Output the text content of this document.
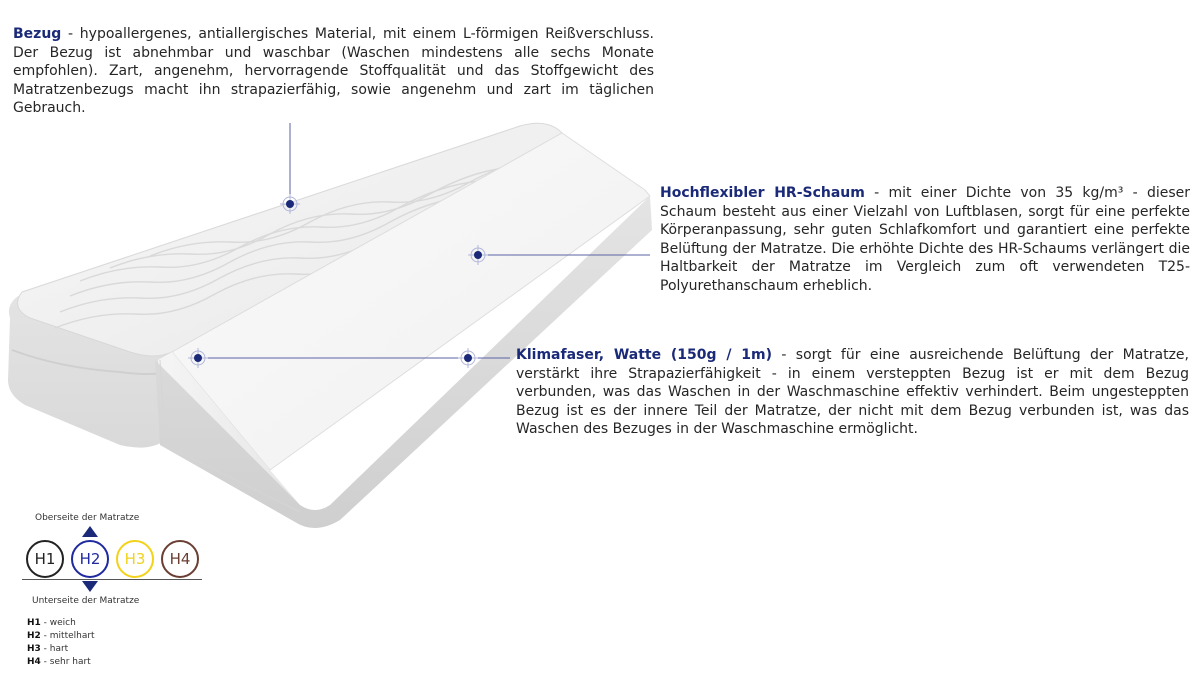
Bezug - hypoallergenes, antiallergisches Material, mit einem L-förmigen Reißverschluss. Der Bezug ist abnehmbar und waschbar (Waschen mindestens alle sechs Monate empfohlen). Zart, angenehm, hervorragende Stoffqualität und das Stoffgewicht des Matratzenbezugs macht ihn strapazierfähig, sowie angenehm und zart im täglichen Gebrauch.
Hochflexibler HR-Schaum - mit einer Dichte von 35 kg/m³ - dieser Schaum besteht aus einer Vielzahl von Luftblasen, sorgt für eine perfekte Körperanpassung, sehr guten Schlafkomfort und garantiert eine perfekte Belüftung der Matratze. Die erhöhte Dichte des HR-Schaums verlängert die Haltbarkeit der Matratze im Vergleich zum oft verwendeten T25-Polyurethanschaum erheblich.
Klimafaser, Watte (150g / 1m) - sorgt für eine ausreichende Belüftung der Matratze, verstärkt ihre Strapazierfähigkeit - in einem versteppten Bezug ist er mit dem Bezug verbunden, was das Waschen in der Waschmaschine effektiv verhindert. Beim ungesteppten Bezug ist es der innere Teil der Matratze, der nicht mit dem Bezug verbunden ist, was das Waschen des Bezuges in der Waschmaschine ermöglicht.
Oberseite der Matratze
H1 H2 H3 H4
Unterseite der Matratze
H1 - weich
H2 - mittelhart
H3 - hart
H4 - sehr hart
